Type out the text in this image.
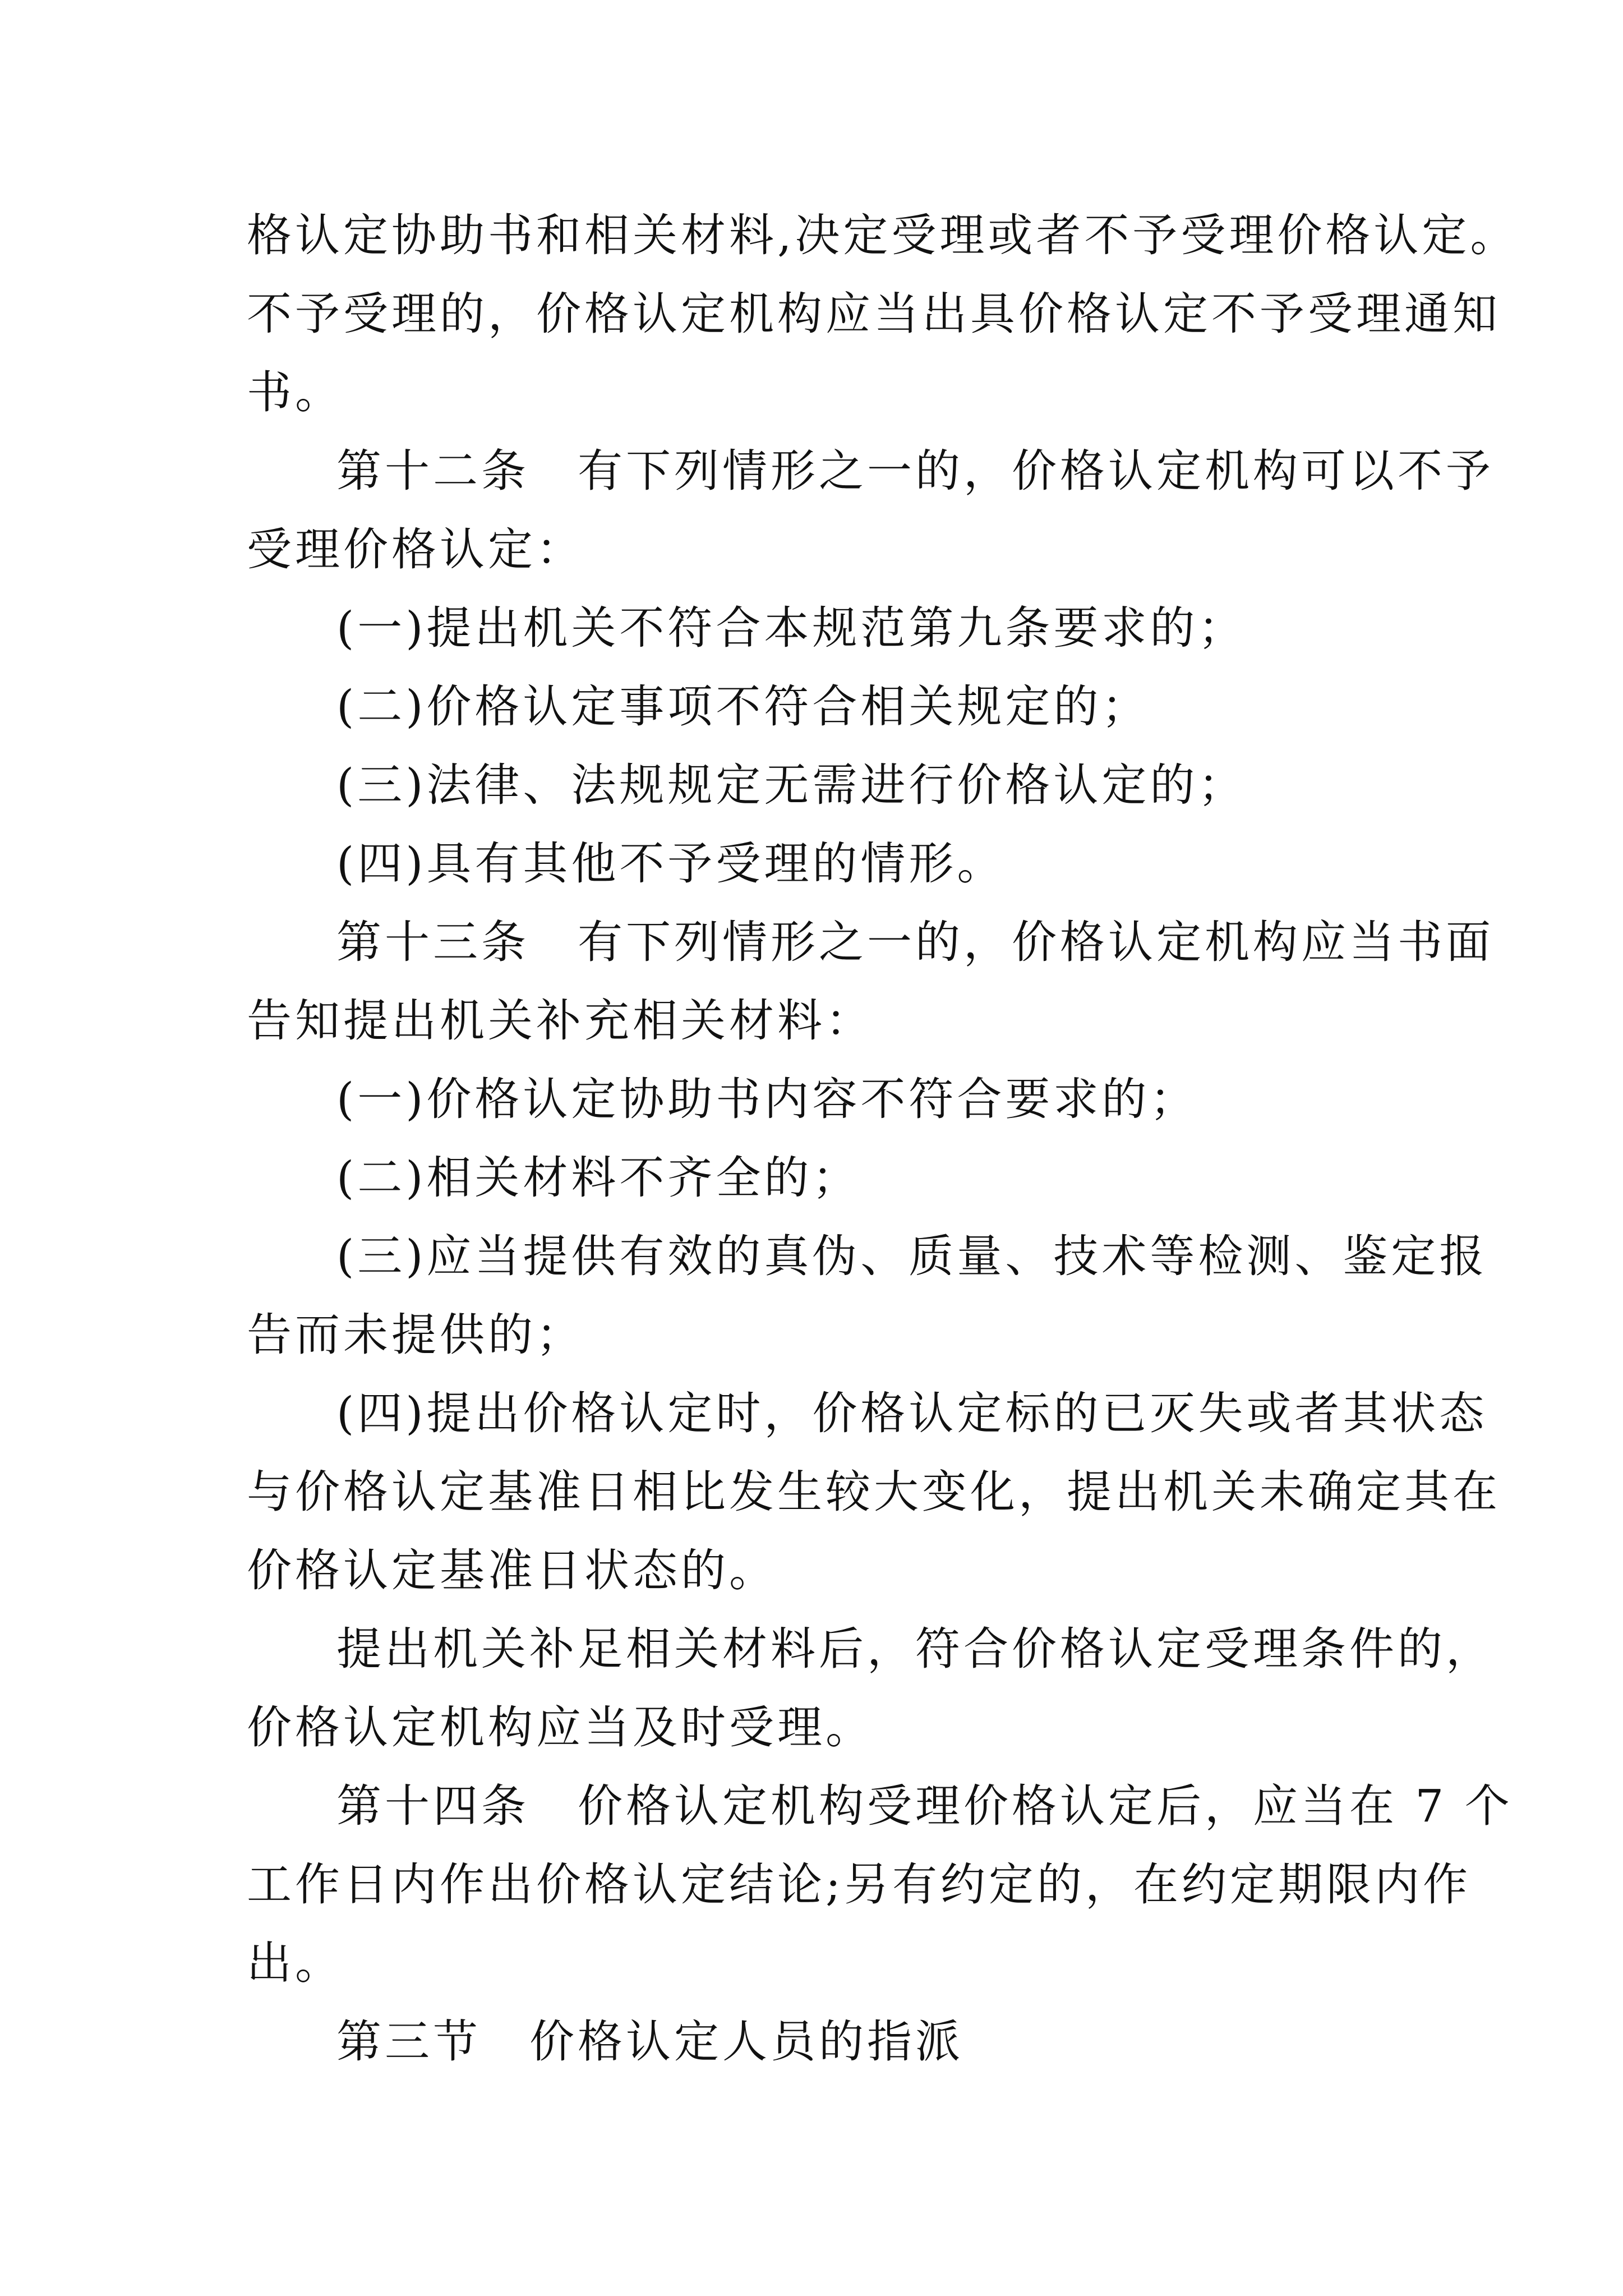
格认定协助书和相关材料,决定受理或者不予受理价格认定。
不予受理的，价格认定机构应当出具价格认定不予受理通知
书。
第十二条　有下列情形之一的，价格认定机构可以不予
受理价格认定：
(一)提出机关不符合本规范第九条要求的；
(二)价格认定事项不符合相关规定的；
(三)法律、法规规定无需进行价格认定的；
(四)具有其他不予受理的情形。
第十三条　有下列情形之一的，价格认定机构应当书面
告知提出机关补充相关材料：
(一)价格认定协助书内容不符合要求的；
(二)相关材料不齐全的；
(三)应当提供有效的真伪、质量、技术等检测、鉴定报
告而未提供的；
(四)提出价格认定时，价格认定标的已灭失或者其状态
与价格认定基准日相比发生较大变化，提出机关未确定其在
价格认定基准日状态的。
提出机关补足相关材料后，符合价格认定受理条件的，
价格认定机构应当及时受理。
第十四条　价格认定机构受理价格认定后，应当在 7 个
工作日内作出价格认定结论;另有约定的，在约定期限内作
出。
第三节　价格认定人员的指派
